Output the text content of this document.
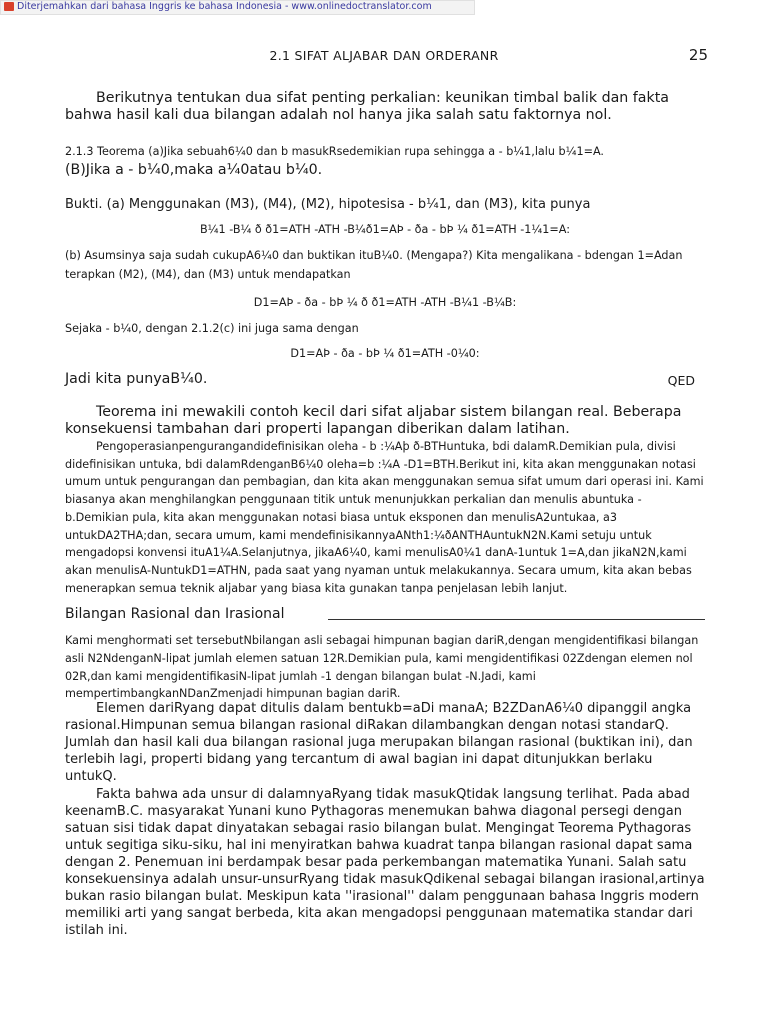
Diterjemahkan dari bahasa Inggris ke bahasa Indonesia - www.onlinedoctranslator.com
2.1 SIFAT ALJABAR DAN ORDERANR	25
Berikutnya tentukan dua sifat penting perkalian: keunikan timbal balik dan fakta bahwa hasil kali dua bilangan adalah nol hanya jika salah satu faktornya nol.
2.1.3 Teorema (a)Jika sebuah6¼0 dan b masukRsedemikian rupa sehingga a - b¼1,lalu b¼1=A.
(B)Jika a - b¼0,maka a¼0atau b¼0.
Bukti. (a) Menggunakan (M3), (M4), (M2), hipotesisa - b¼1, dan (M3), kita punya
B¼1 -B¼ ð ð1=ATH -ATH -B¼ð1=AÞ - ða - bÞ ¼ ð1=ATH -1¼1=A:
(b) Asumsinya saja sudah cukupA6¼0 dan buktikan ituB¼0. (Mengapa?) Kita mengalikana - bdengan 1=Adan terapkan (M2), (M4), dan (M3) untuk mendapatkan
D1=AÞ - ða - bÞ ¼ ð ð1=ATH -ATH -B¼1 -B¼B:
Sejaka - b¼0, dengan 2.1.2(c) ini juga sama dengan
D1=AÞ - ða - bÞ ¼ ð1=ATH -0¼0:
Jadi kita punyaB¼0.	QED
Teorema ini mewakili contoh kecil dari sifat aljabar sistem bilangan real. Beberapa konsekuensi tambahan dari properti lapangan diberikan dalam latihan.
Pengoperasianpengurangandidefinisikan oleha - b :¼Aþ ð-BTHuntuka, bdi dalamR.Demikian pula, divisi didefinisikan untuka, bdi dalamRdenganB6¼0 oleha=b :¼A -D1=BTH.Berikut ini, kita akan menggunakan notasi umum untuk pengurangan dan pembagian, dan kita akan menggunakan semua sifat umum dari operasi ini. Kami biasanya akan menghilangkan penggunaan titik untuk menunjukkan perkalian dan menulis abuntuka - b.Demikian pula, kita akan menggunakan notasi biasa untuk eksponen dan menulisA2untukaa, a3 untukDA2THA;dan, secara umum, kami mendefinisikannyaANth1:¼ðANTHAuntukN2N.Kami setuju untuk mengadopsi konvensi ituA1¼A.Selanjutnya, jikaA6¼0, kami menulisA0¼1 danA-1untuk 1=A,dan jikaN2N,kami akan menulisA-NuntukD1=ATHN, pada saat yang nyaman untuk melakukannya. Secara umum, kita akan bebas menerapkan semua teknik aljabar yang biasa kita gunakan tanpa penjelasan lebih lanjut.
Bilangan Rasional dan Irasional
Kami menghormati set tersebutNbilangan asli sebagai himpunan bagian dariR,dengan mengidentifikasi bilangan asli N2NdenganN-lipat jumlah elemen satuan 12R.Demikian pula, kami mengidentifikasi 02Zdengan elemen nol 02R,dan kami mengidentifikasiN-lipat jumlah -1 dengan bilangan bulat -N.Jadi, kami mempertimbangkanNDanZmenjadi himpunan bagian dariR.
Elemen dariRyang dapat ditulis dalam bentukb=aDi manaA; B2ZDanA6¼0 dipanggil angka rasional.Himpunan semua bilangan rasional diRakan dilambangkan dengan notasi standarQ. Jumlah dan hasil kali dua bilangan rasional juga merupakan bilangan rasional (buktikan ini), dan terlebih lagi, properti bidang yang tercantum di awal bagian ini dapat ditunjukkan berlaku untukQ.
Fakta bahwa ada unsur di dalamnyaRyang tidak masukQtidak langsung terlihat. Pada abad keenamB.C. masyarakat Yunani kuno Pythagoras menemukan bahwa diagonal persegi dengan satuan sisi tidak dapat dinyatakan sebagai rasio bilangan bulat. Mengingat Teorema Pythagoras untuk segitiga siku-siku, hal ini menyiratkan bahwa kuadrat tanpa bilangan rasional dapat sama dengan 2. Penemuan ini berdampak besar pada perkembangan matematika Yunani. Salah satu konsekuensinya adalah unsur-unsurRyang tidak masukQdikenal sebagai bilangan irasional,artinya bukan rasio bilangan bulat. Meskipun kata ''irasional'' dalam penggunaan bahasa Inggris modern memiliki arti yang sangat berbeda, kita akan mengadopsi penggunaan matematika standar dari istilah ini.
